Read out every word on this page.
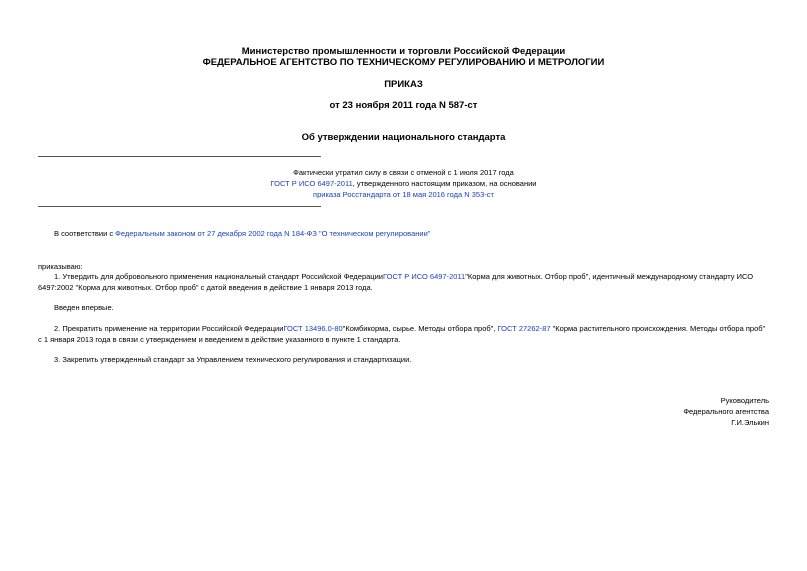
Министерство промышленности и торговли Российской Федерации
ФЕДЕРАЛЬНОЕ АГЕНТСТВО ПО ТЕХНИЧЕСКОМУ РЕГУЛИРОВАНИЮ И МЕТРОЛОГИИ
ПРИКАЗ
от 23 ноября 2011 года N 587-ст
Об утверждении национального стандарта
Фактически утратил силу в связи с отменой с 1 июля 2017 года
ГОСТ Р ИСО 6497-2011, утвержденного настоящим приказом, на основании
приказа Росстандарта от 18 мая 2016 года N 353-ст
В соответствии с Федеральным законом от 27 декабря 2002 года N 184-ФЗ "О техническом регулировании"
приказываю:
1. Утвердить для добровольного применения национальный стандарт Российской ФедерацииГОСТ Р ИСО 6497-2011"Корма для животных. Отбор проб", идентичный международному стандарту ИСО 6497:2002 "Корма для животных. Отбор проб" с датой введения в действие 1 января 2013 года.
Введен впервые.
2. Прекратить применение на территории Российской ФедерацииГОСТ 13496.0-80"Комбикорма, сырье. Методы отбора проб", ГОСТ 27262-87 "Корма растительного происхождения. Методы отбора проб" с 1 января 2013 года в связи с утверждением и введением в действие указанного в пункте 1 стандарта.
3. Закрепить утвержденный стандарт за Управлением технического регулирования и стандартизации.
Руководитель
Федерального агентства
Г.И.Элькин
